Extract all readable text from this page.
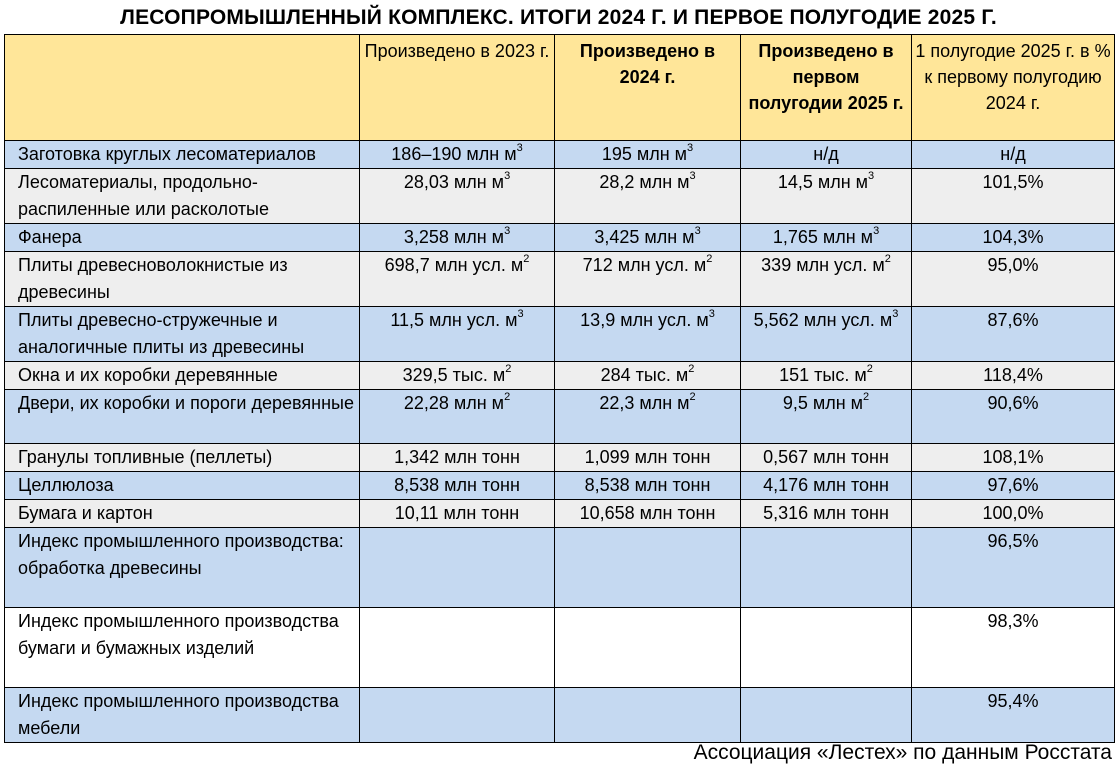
ЛЕСОПРОМЫШЛЕННЫЙ КОМПЛЕКС. ИТОГИ 2024 Г. И ПЕРВОЕ ПОЛУГОДИЕ 2025 Г.
	Произведено в 2023 г.	Произведено в 2024 г.	Произведено в первом полугодии 2025 г.	1 полугодие 2025 г. в % к первому полугодию 2024 г.
Заготовка круглых лесоматериалов	186–190 млн $м^3$	195 млн $м^3$	н/д	н/д
Лесоматериалы, продольно-распиленные или расколотые	28,03 млн $м^3$	28,2 млн $м^3$	14,5 млн $м^3$	101,5%
Фанера	3,258 млн $м^3$	3,425 млн $м^3$	1,765 млн $м^3$	104,3%
Плиты древесноволокнистые из древесины	698,7 млн усл. $м^2$	712 млн усл. $м^2$	339 млн усл. $м^2$	95,0%
Плиты древесно-стружечные и аналогичные плиты из древесины	11,5 млн усл. $м^3$	13,9 млн усл. $м^3$	5,562 млн усл. $м^3$	87,6%
Окна и их коробки деревянные	329,5 тыс. $м^2$	284 тыс. $м^2$	151 тыс. $м^2$	118,4%
Двери, их коробки и пороги деревянные	22,28 млн $м^2$	22,3 млн $м^2$	9,5 млн $м^2$	90,6%
Гранулы топливные (пеллеты)	1,342 млн тонн	1,099 млн тонн	0,567 млн тонн	108,1%
Целлюлоза	8,538 млн тонн	8,538 млн тонн	4,176 млн тонн	97,6%
Бумага и картон	10,11 млн тонн	10,658 млн тонн	5,316 млн тонн	100,0%
Индекс промышленного производства: обработка древесины				96,5%
Индекс промышленного производства бумаги и бумажных изделий				98,3%
Индекс промышленного производства мебели				95,4%
Ассоциация «Лестех» по данным Росстата
